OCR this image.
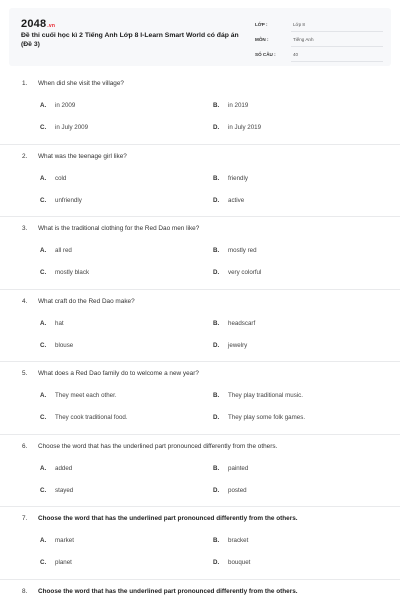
2048.vn
Đề thi cuối học kì 2 Tiếng Anh Lớp 8 I-Learn Smart World có đáp án (Đề 3)
LỚP :	Lớp 8
MÔN :	Tiếng Anh
SỐ CÂU :	40
1. When did she visit the village?
A. in 2009	B. in 2019
C. in July 2009	D. in July 2019
2. What was the teenage girl like?
A. cold	B. friendly
C. unfriendly	D. active
3. What is the traditional clothing for the Red Dao men like?
A. all red	B. mostly red
C. mostly black	D. very colorful
4. What craft do the Red Dao make?
A. hat	B. headscarf
C. blouse	D. jewelry
5. What does a Red Dao family do to welcome a new year?
A. They meet each other.	B. They play traditional music.
C. They cook traditional food.	D. They play some folk games.
6. Choose the word that has the underlined part pronounced differently from the others.
A. added	B. painted
C. stayed	D. posted
7. Choose the word that has the underlined part pronounced differently from the others.
A. market	B. bracket
C. planet	D. bouquet
8. Choose the word that has the underlined part pronounced differently from the others.
